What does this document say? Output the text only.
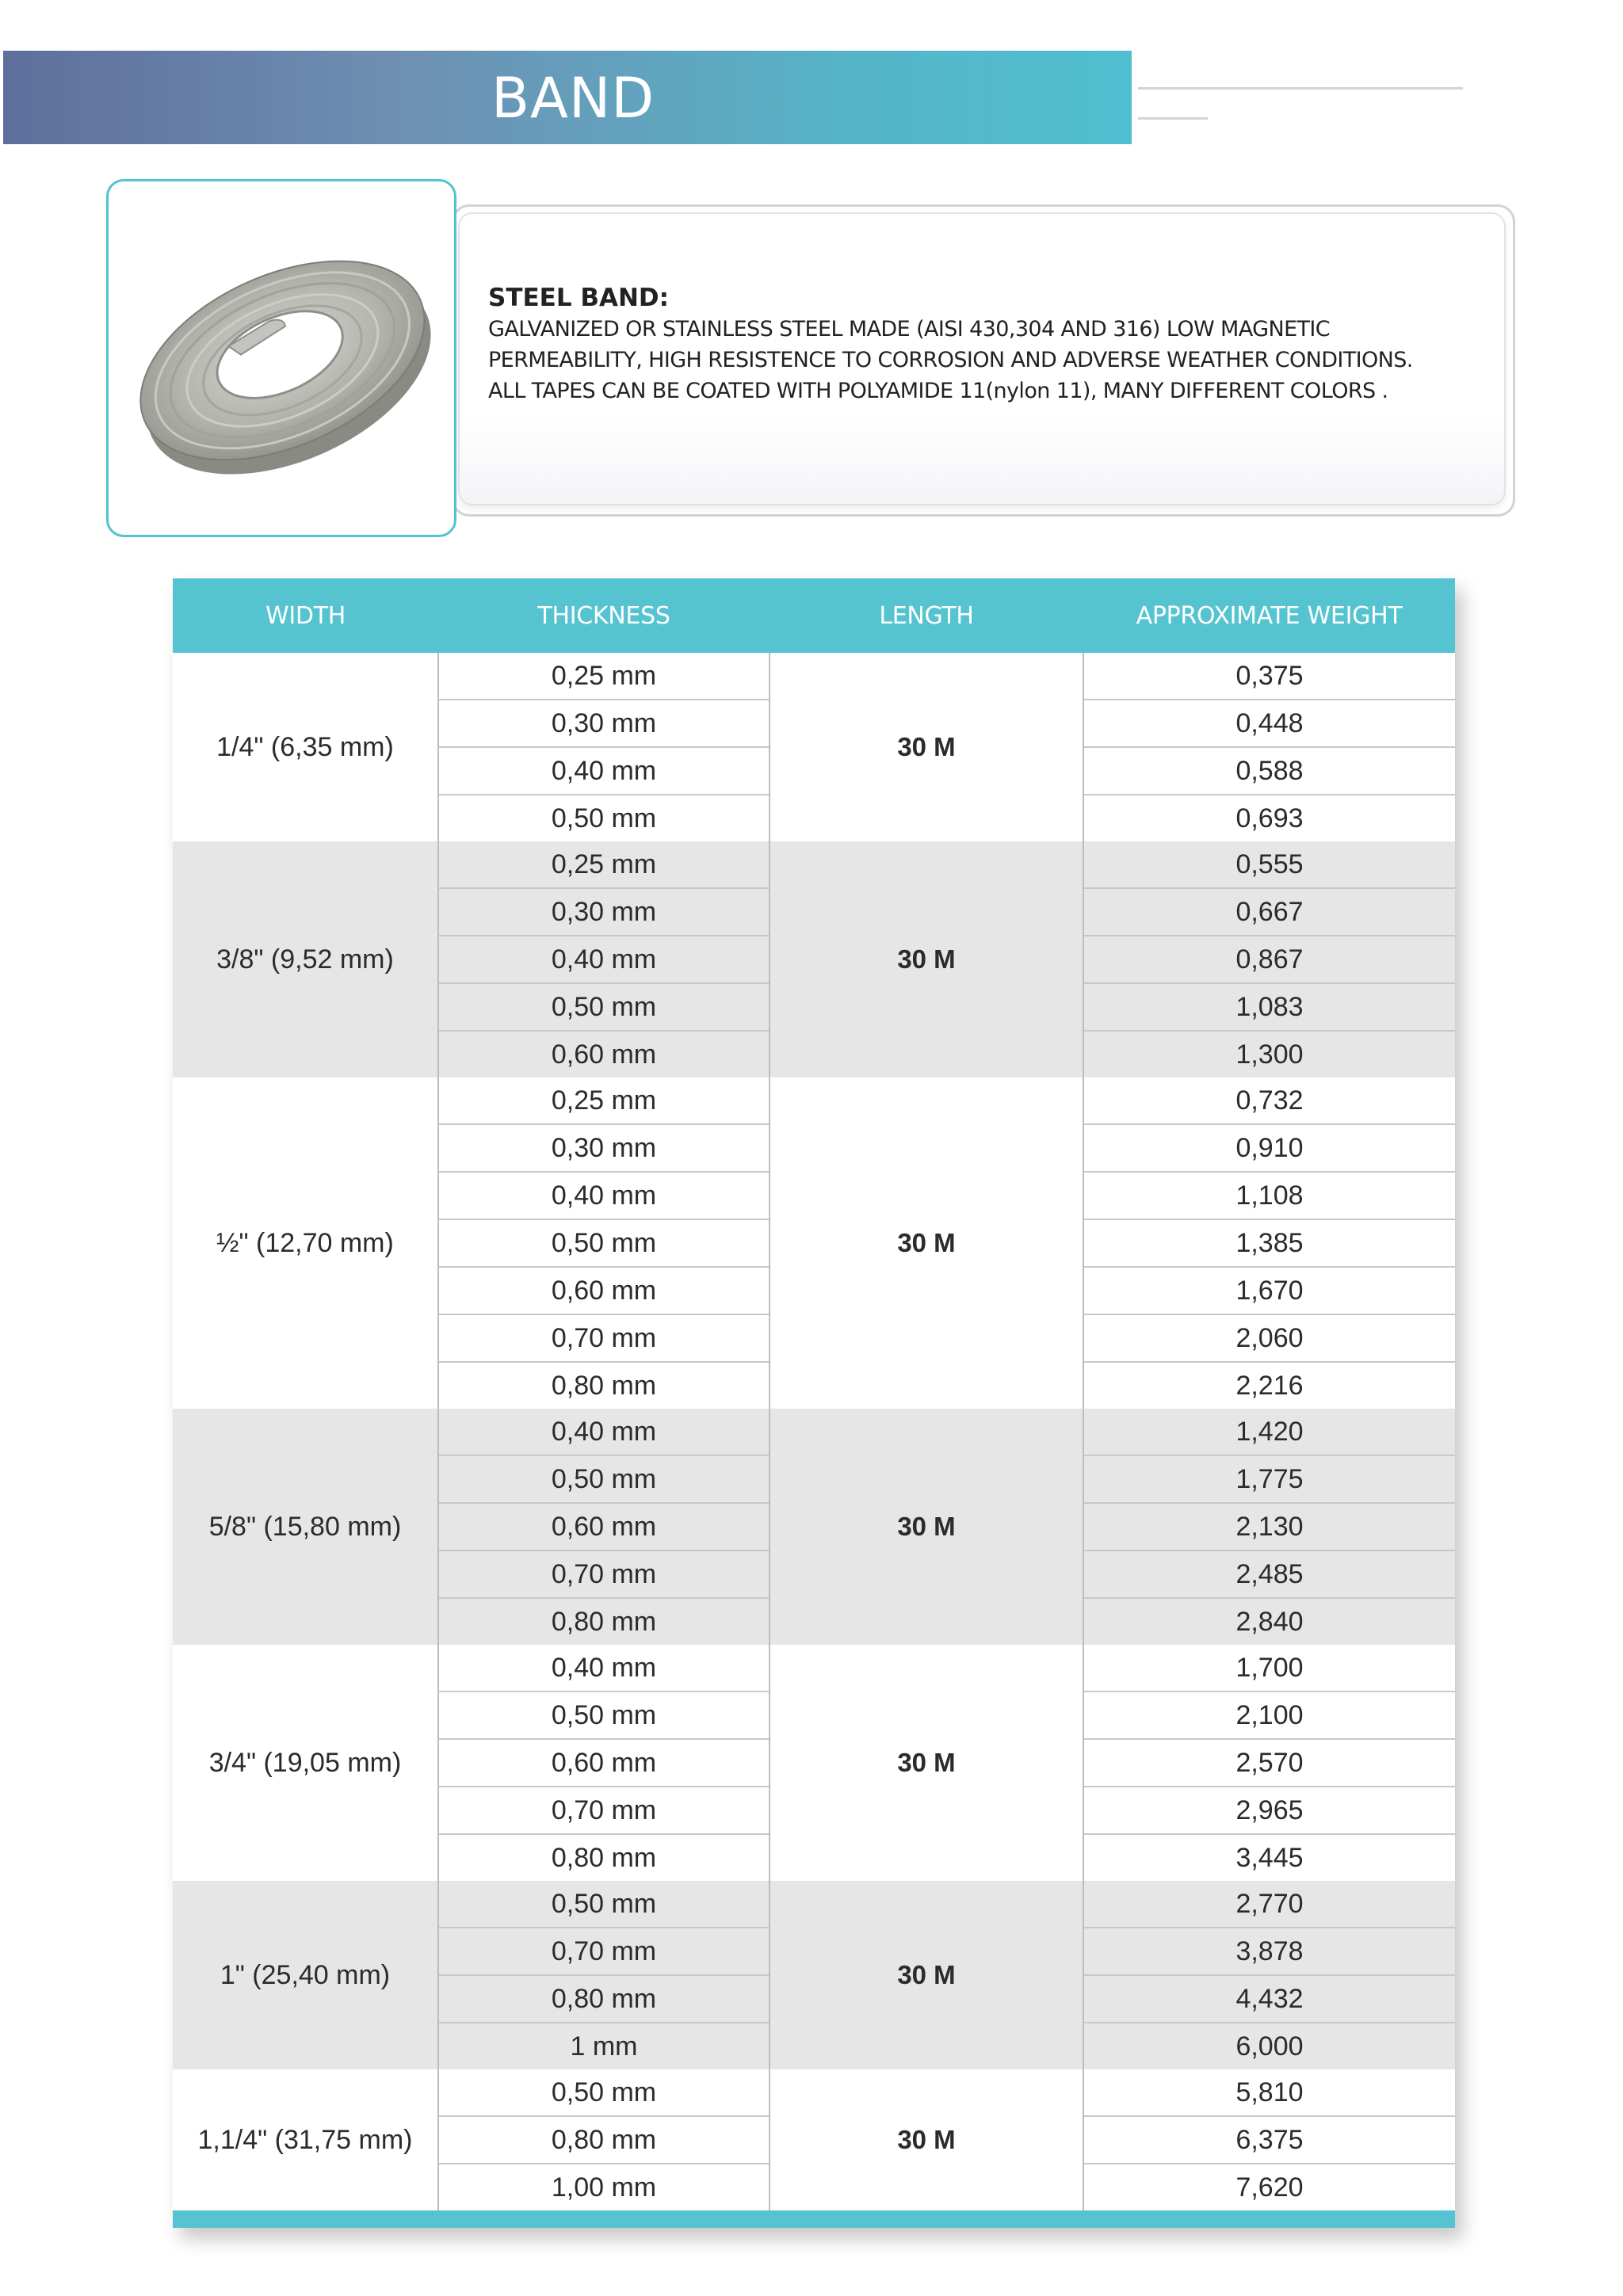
BAND

STEEL BAND:

GALVANIZED OR STAINLESS STEEL MADE (AISI 430,304 AND 316) LOW MAGNETIC PERMEABILITY, HIGH RESISTENCE TO CORROSION AND ADVERSE WEATHER CONDITIONS. ALL TAPES CAN BE COATED WITH POLYAMIDE 11(nylon 11), MANY DIFFERENT COLORS .

WIDTH	THICKNESS	LENGTH	APPROXIMATE WEIGHT
1/4" (6,35 mm)	0,25 mm	30 M	0,375
	0,30 mm		0,448
	0,40 mm		0,588
	0,50 mm		0,693
3/8" (9,52 mm)	0,25 mm	30 M	0,555
	0,30 mm		0,667
	0,40 mm		0,867
	0,50 mm		1,083
	0,60 mm		1,300
½" (12,70 mm)	0,25 mm	30 M	0,732
	0,30 mm		0,910
	0,40 mm		1,108
	0,50 mm		1,385
	0,60 mm		1,670
	0,70 mm		2,060
	0,80 mm		2,216
5/8" (15,80 mm)	0,40 mm	30 M	1,420
	0,50 mm		1,775
	0,60 mm		2,130
	0,70 mm		2,485
	0,80 mm		2,840
3/4" (19,05 mm)	0,40 mm	30 M	1,700
	0,50 mm		2,100
	0,60 mm		2,570
	0,70 mm		2,965
	0,80 mm		3,445
1" (25,40 mm)	0,50 mm	30 M	2,770
	0,70 mm		3,878
	0,80 mm		4,432
	1 mm		6,000
1,1/4" (31,75 mm)	0,50 mm	30 M	5,810
	0,80 mm		6,375
	1,00 mm		7,620
